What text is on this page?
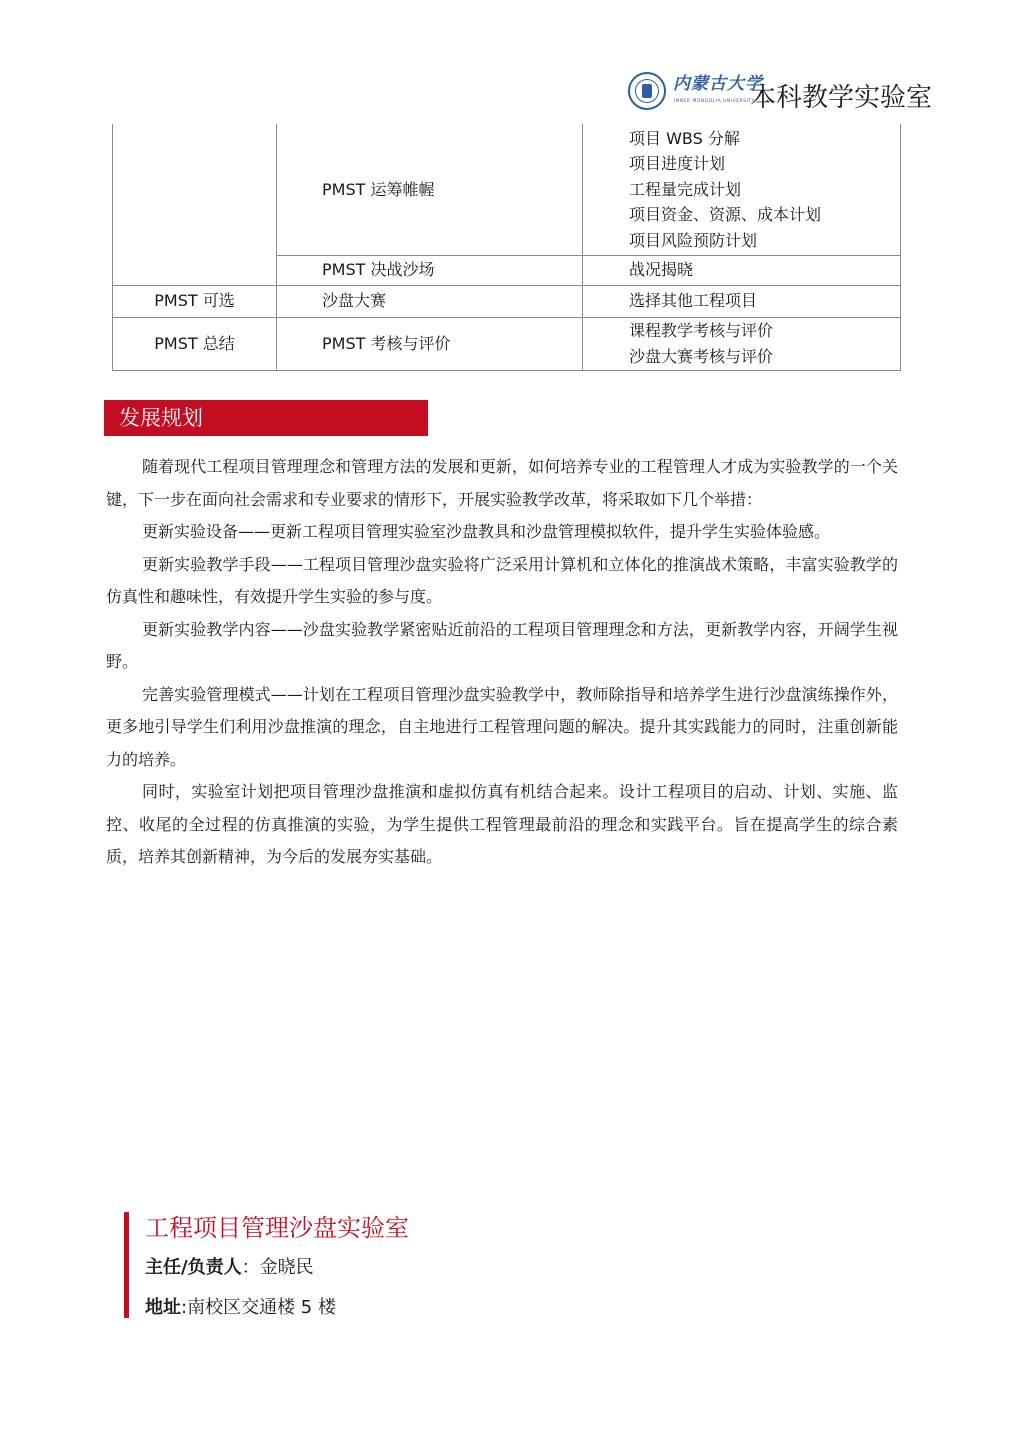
内蒙古大学
INNER MONGOLIA UNIVERSITY
本科教学实验室
	PMST 运筹帷幄	项目 WBS 分解
项目进度计划
工程量完成计划
项目资金、资源、成本计划
项目风险预防计划

	PMST 决战沙场	战况揭晓

PMST 可选	沙盘大赛	选择其他工程项目

PMST 总结	PMST 考核与评价	课程教学考核与评价
沙盘大赛考核与评价
发展规划

随着现代工程项目管理理念和管理方法的发展和更新，如何培养专业的工程管理人才成为实验教学的一个关键，下一步在面向社会需求和专业要求的情形下，开展实验教学改革，将采取如下几个举措：

更新实验设备——更新工程项目管理实验室沙盘教具和沙盘管理模拟软件，提升学生实验体验感。

更新实验教学手段——工程项目管理沙盘实验将广泛采用计算机和立体化的推演战术策略，丰富实验教学的仿真性和趣味性，有效提升学生实验的参与度。

更新实验教学内容——沙盘实验教学紧密贴近前沿的工程项目管理理念和方法，更新教学内容，开阔学生视野。

完善实验管理模式——计划在工程项目管理沙盘实验教学中，教师除指导和培养学生进行沙盘演练操作外，更多地引导学生们利用沙盘推演的理念，自主地进行工程管理问题的解决。提升其实践能力的同时，注重创新能力的培养。

同时，实验室计划把项目管理沙盘推演和虚拟仿真有机结合起来。设计工程项目的启动、计划、实施、监控、收尾的全过程的仿真推演的实验，为学生提供工程管理最前沿的理念和实践平台。旨在提高学生的综合素质，培养其创新精神，为今后的发展夯实基础。

工程项目管理沙盘实验室
主任/负责人：金晓民
地址:南校区交通楼 5 楼
